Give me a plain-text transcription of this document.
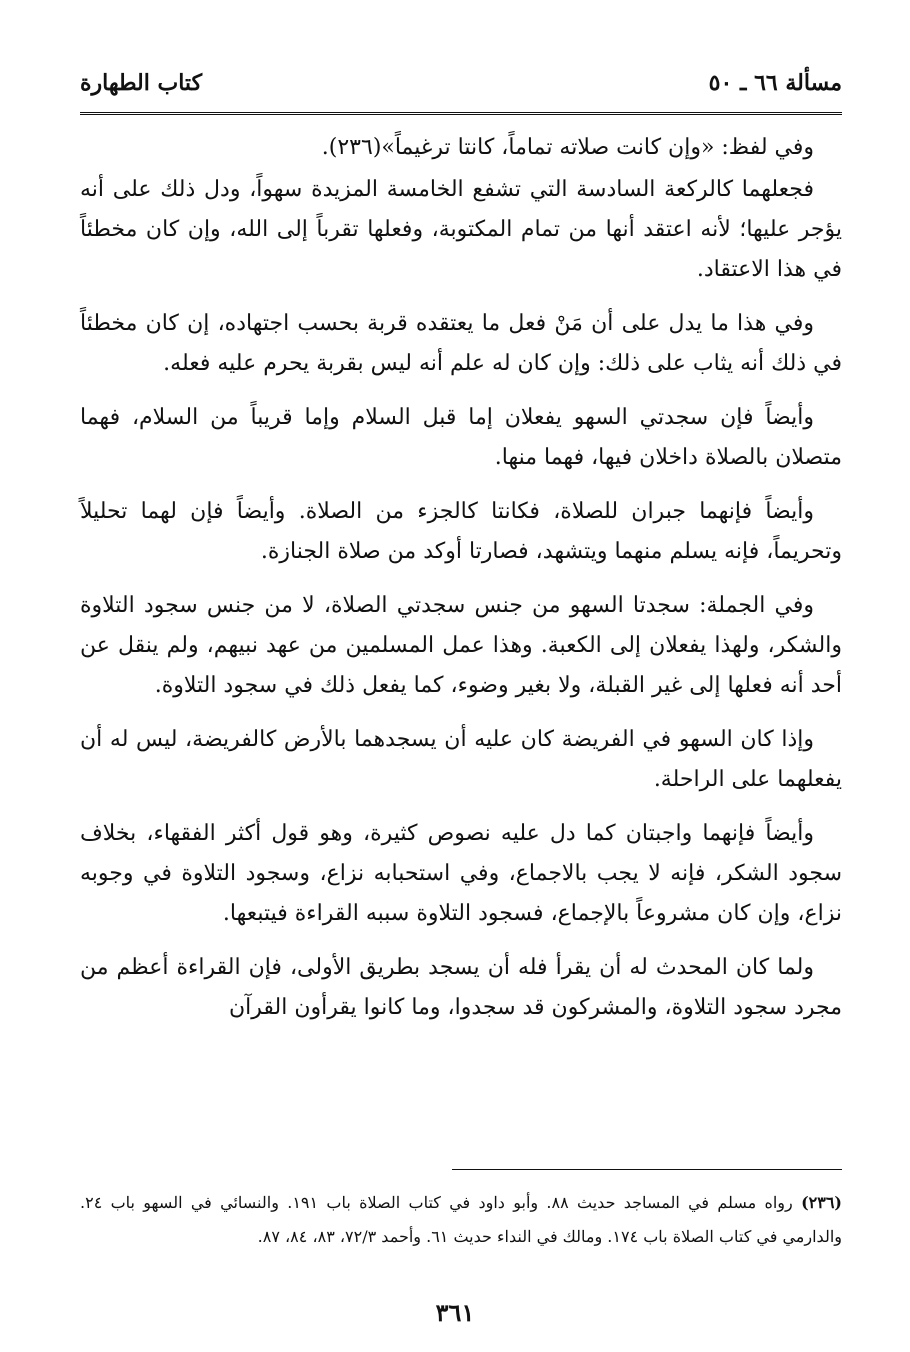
مسألة ٦٦ ـ ٥٠
كتاب الطهارة

وفي لفظ: «وإن كانت صلاته تماماً، كانتا ترغيماً»(٢٣٦).

فجعلهما كالركعة السادسة التي تشفع الخامسة المزيدة سهواً، ودل ذلك على أنه يؤجر عليها؛ لأنه اعتقد أنها من تمام المكتوبة، وفعلها تقرباً إلى الله، وإن كان مخطئاً في هذا الاعتقاد.

وفي هذا ما يدل على أن مَنْ فعل ما يعتقده قربة بحسب اجتهاده، إن كان مخطئاً في ذلك أنه يثاب على ذلك: وإن كان له علم أنه ليس بقربة يحرم عليه فعله.

وأيضاً فإن سجدتي السهو يفعلان إما قبل السلام وإما قريباً من السلام، فهما متصلان بالصلاة داخلان فيها، فهما منها.

وأيضاً فإنهما جبران للصلاة، فكانتا كالجزء من الصلاة. وأيضاً فإن لهما تحليلاً وتحريماً، فإنه يسلم منهما ويتشهد، فصارتا أوكد من صلاة الجنازة.

وفي الجملة: سجدتا السهو من جنس سجدتي الصلاة، لا من جنس سجود التلاوة والشكر، ولهذا يفعلان إلى الكعبة. وهذا عمل المسلمين من عهد نبيهم، ولم ينقل عن أحد أنه فعلها إلى غير القبلة، ولا بغير وضوء، كما يفعل ذلك في سجود التلاوة.

وإذا كان السهو في الفريضة كان عليه أن يسجدهما بالأرض كالفريضة، ليس له أن يفعلهما على الراحلة.

وأيضاً فإنهما واجبتان كما دل عليه نصوص كثيرة، وهو قول أكثر الفقهاء، بخلاف سجود الشكر، فإنه لا يجب بالاجماع، وفي استحبابه نزاع، وسجود التلاوة في وجوبه نزاع، وإن كان مشروعاً بالإجماع، فسجود التلاوة سببه القراءة فيتبعها.

ولما كان المحدث له أن يقرأ فله أن يسجد بطريق الأولى، فإن القراءة أعظم من مجرد سجود التلاوة، والمشركون قد سجدوا، وما كانوا يقرأون القرآن

(٢٣٦) رواه مسلم في المساجد حديث ٨٨. وأبو داود في كتاب الصلاة باب ١٩١. والنسائي في السهو باب ٢٤. والدارمي في كتاب الصلاة باب ١٧٤. ومالك في النداء حديث ٦١. وأحمد ٧٢/٣، ٨٣، ٨٤، ٨٧.

٣٦١
